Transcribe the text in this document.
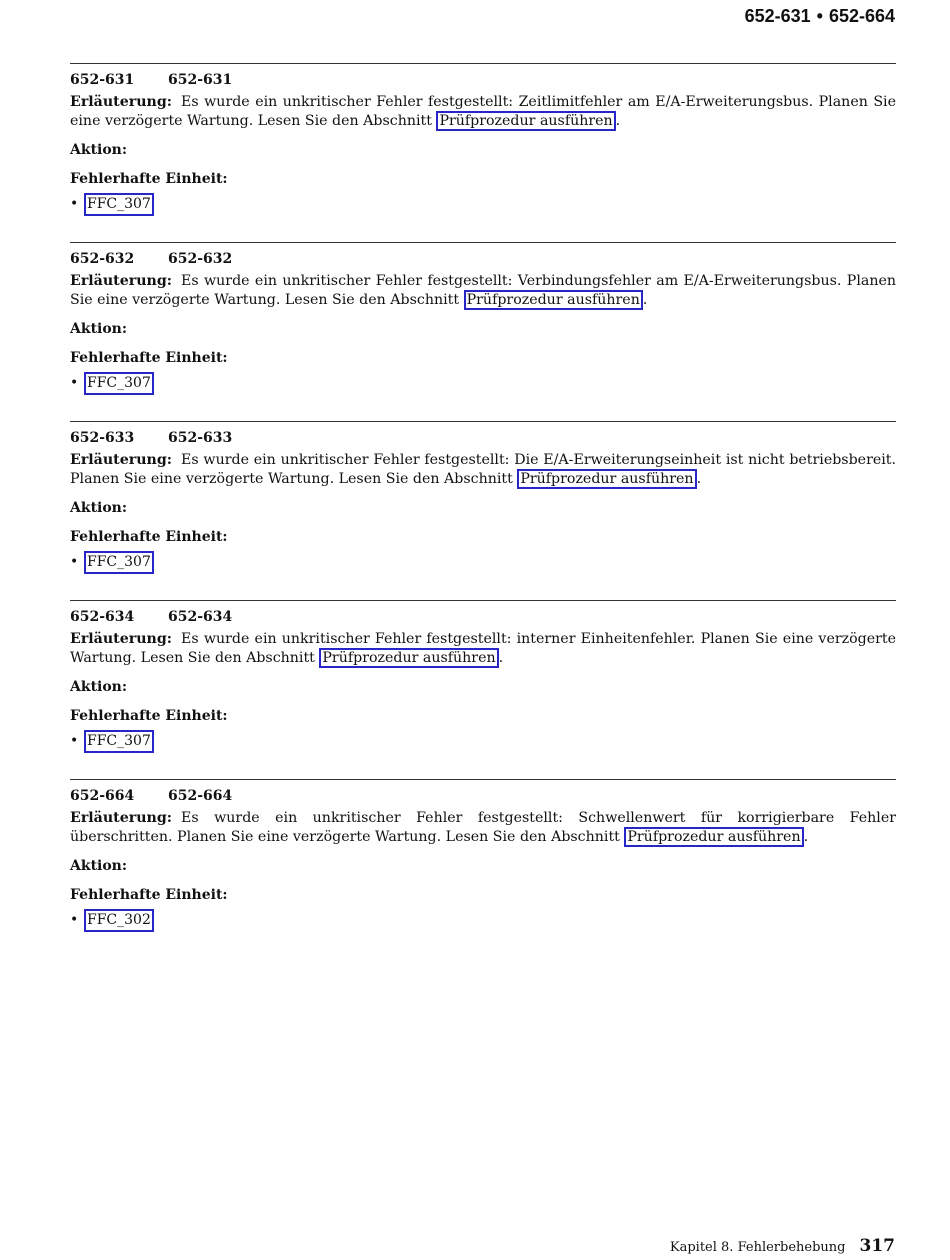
652-631 • 652-664
652-631 652-631

Erläuterung: Es wurde ein unkritischer Fehler festgestellt: Zeitlimitfehler am E/A-Erweiterungsbus. Planen Sie eine verzögerte Wartung. Lesen Sie den Abschnitt Prüfprozedur ausführen .

Aktion:
Fehlerhafte Einheit:
• FFC_307
652-632 652-632

Erläuterung: Es wurde ein unkritischer Fehler festgestellt: Verbindungsfehler am E/A-Erweiterungsbus. Planen Sie eine verzögerte Wartung. Lesen Sie den Abschnitt Prüfprozedur ausführen .

Aktion:
Fehlerhafte Einheit:
• FFC_307
652-633 652-633

Erläuterung: Es wurde ein unkritischer Fehler festgestellt: Die E/A-Erweiterungseinheit ist nicht betriebsbereit. Planen Sie eine verzögerte Wartung. Lesen Sie den Abschnitt Prüfprozedur ausführen .

Aktion:
Fehlerhafte Einheit:
• FFC_307
652-634 652-634

Erläuterung: Es wurde ein unkritischer Fehler festgestellt: interner Einheitenfehler. Planen Sie eine verzögerte Wartung. Lesen Sie den Abschnitt Prüfprozedur ausführen .

Aktion:
Fehlerhafte Einheit:
• FFC_307
652-664 652-664

Erläuterung: Es wurde ein unkritischer Fehler festgestellt: Schwellenwert für korrigierbare Fehler überschritten. Planen Sie eine verzögerte Wartung. Lesen Sie den Abschnitt Prüfprozedur ausführen .

Aktion:
Fehlerhafte Einheit:
• FFC_302
Kapitel 8. Fehlerbehebung 317
